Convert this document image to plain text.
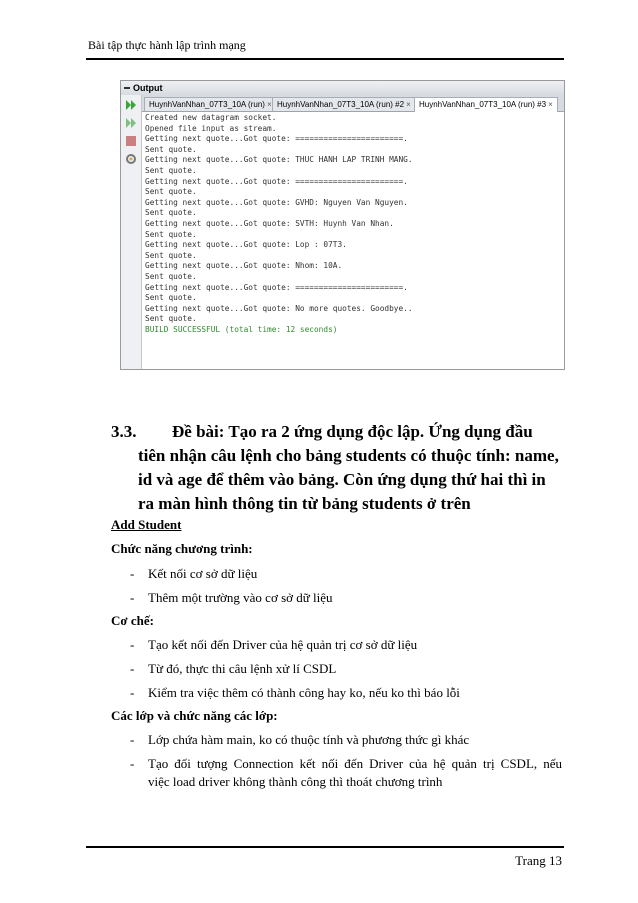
Bài tập thực hành lập trình mạng
Output
HuynhVanNhan_07T3_10A (run) × HuynhVanNhan_07T3_10A (run) #2 ×	HuynhVanNhan_07T3_10A (run) #3 ×
Created new datagram socket.
Opened file input as stream.
Getting next quote...Got quote: =======================.
Sent quote.
Getting next quote...Got quote: THUC HANH LAP TRINH MANG.
Sent quote.
Getting next quote...Got quote: =======================.
Sent quote.
Getting next quote...Got quote: GVHD: Nguyen Van Nguyen.
Sent quote.
Getting next quote...Got quote: SVTH: Huynh Van Nhan.
Sent quote.
Getting next quote...Got quote: Lop : 07T3.
Sent quote.
Getting next quote...Got quote: Nhom: 10A.
Sent quote.
Getting next quote...Got quote: =======================.
Sent quote.
Getting next quote...Got quote: No more quotes. Goodbye..
Sent quote.
BUILD SUCCESSFUL (total time: 12 seconds)
3.3. Đề bài: Tạo ra 2 ứng dụng độc lập. Ứng dụng đầu
tiên nhận câu lệnh cho bảng students có thuộc tính: name,
id và age để thêm vào bảng. Còn ứng dụng thứ hai thì in
ra màn hình thông tin từ bảng students ở trên
Add Student
Chức năng chương trình:
- Kết nối cơ sở dữ liệu
- Thêm một trường vào cơ sở dữ liệu
Cơ chế:
- Tạo kết nối đến Driver của hệ quản trị cơ sở dữ liệu
- Từ đó, thực thi câu lệnh xử lí CSDL
- Kiểm tra việc thêm có thành công hay ko, nếu ko thì báo lỗi
Các lớp và chức năng các lớp:
- Lớp chứa hàm main, ko có thuộc tính và phương thức gì khác
- Tạo đối tượng Connection kết nối đến Driver của hệ quản trị CSDL, nếu
việc load driver không thành công thì thoát chương trình
Trang 13
